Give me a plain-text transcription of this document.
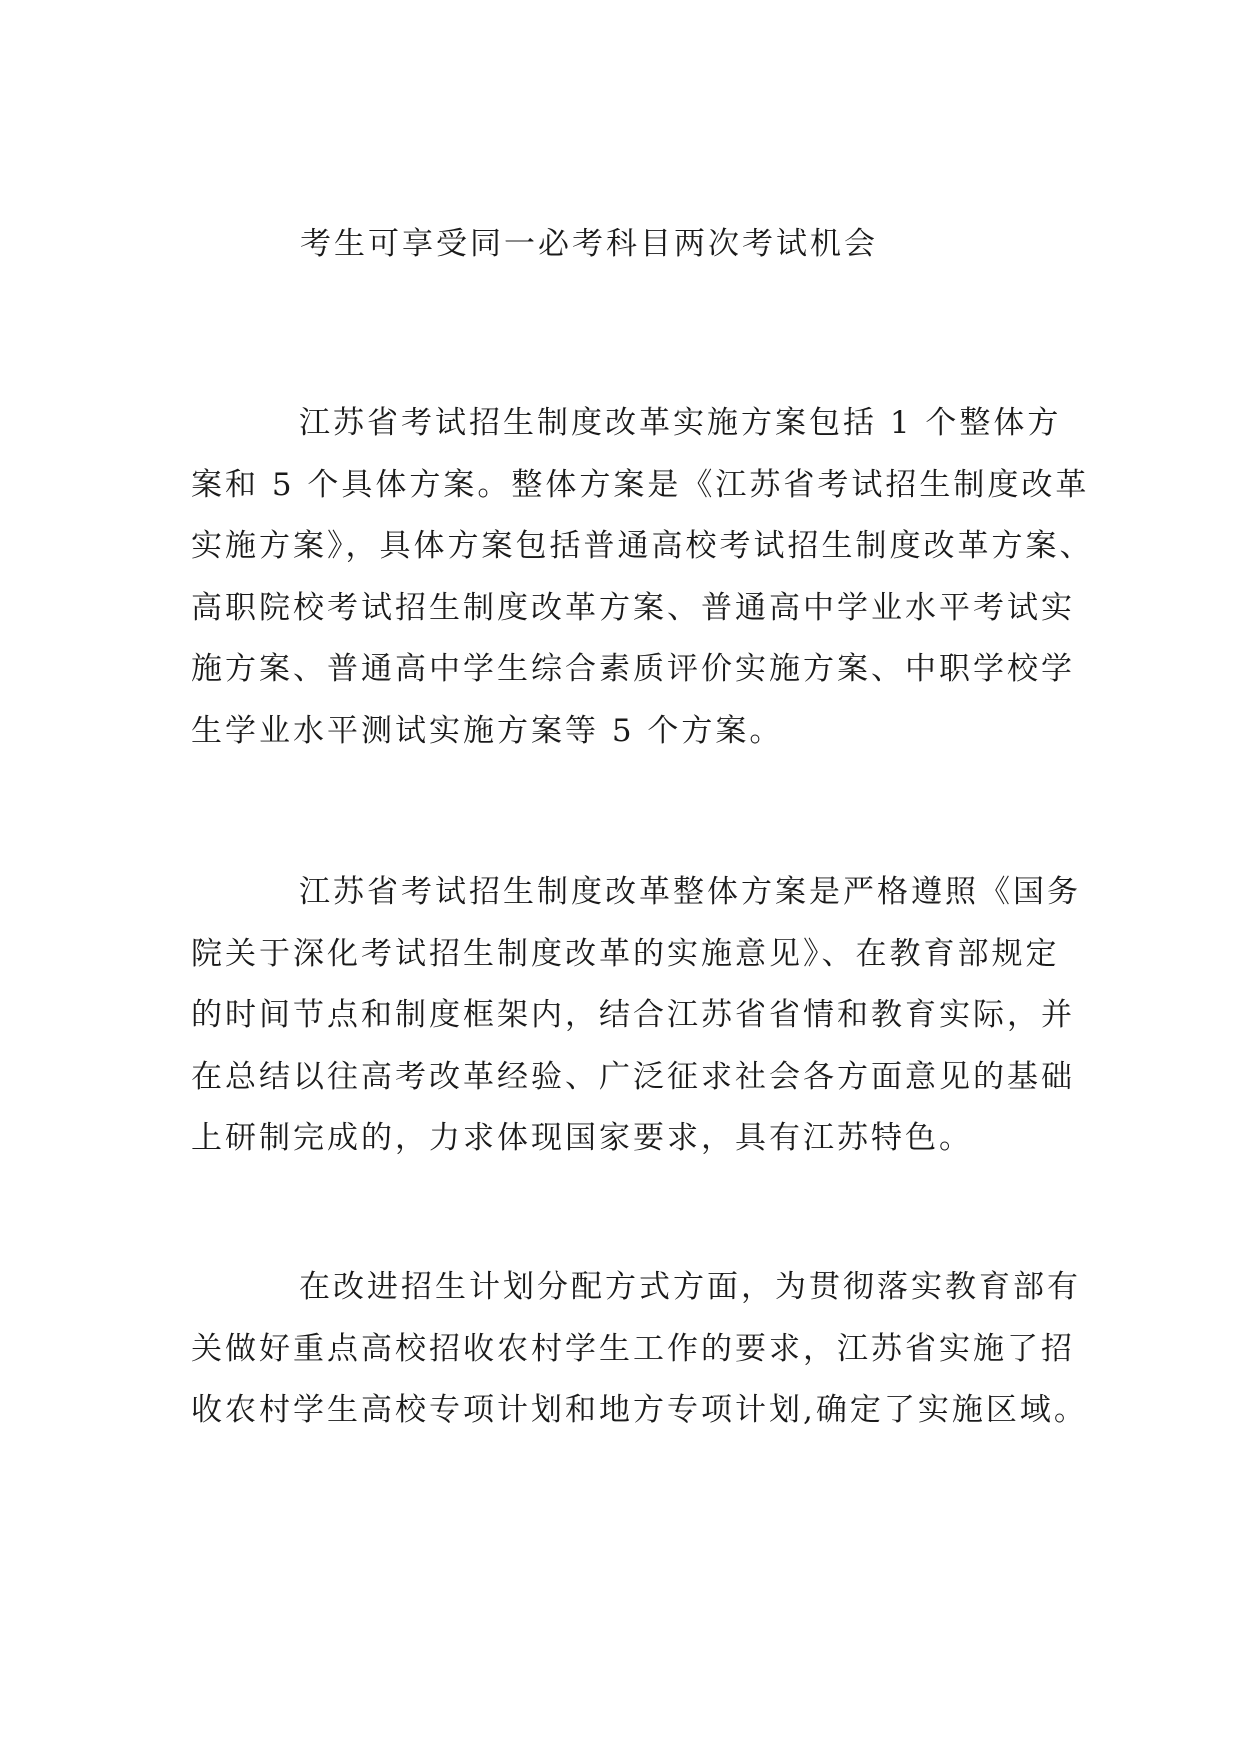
考生可享受同一必考科目两次考试机会
江苏省考试招生制度改革实施方案包括 1 个整体方
案和 5 个具体方案。整体方案是《江苏省考试招生制度改革
实施方案》，具体方案包括普通高校考试招生制度改革方案、
高职院校考试招生制度改革方案、普通高中学业水平考试实
施方案、普通高中学生综合素质评价实施方案、中职学校学
生学业水平测试实施方案等 5 个方案。
江苏省考试招生制度改革整体方案是严格遵照《国务
院关于深化考试招生制度改革的实施意见》、在教育部规定
的时间节点和制度框架内，结合江苏省省情和教育实际，并
在总结以往高考改革经验、广泛征求社会各方面意见的基础
上研制完成的，力求体现国家要求，具有江苏特色。
在改进招生计划分配方式方面，为贯彻落实教育部有
关做好重点高校招收农村学生工作的要求，江苏省实施了招
收农村学生高校专项计划和地方专项计划,确定了实施区域。
